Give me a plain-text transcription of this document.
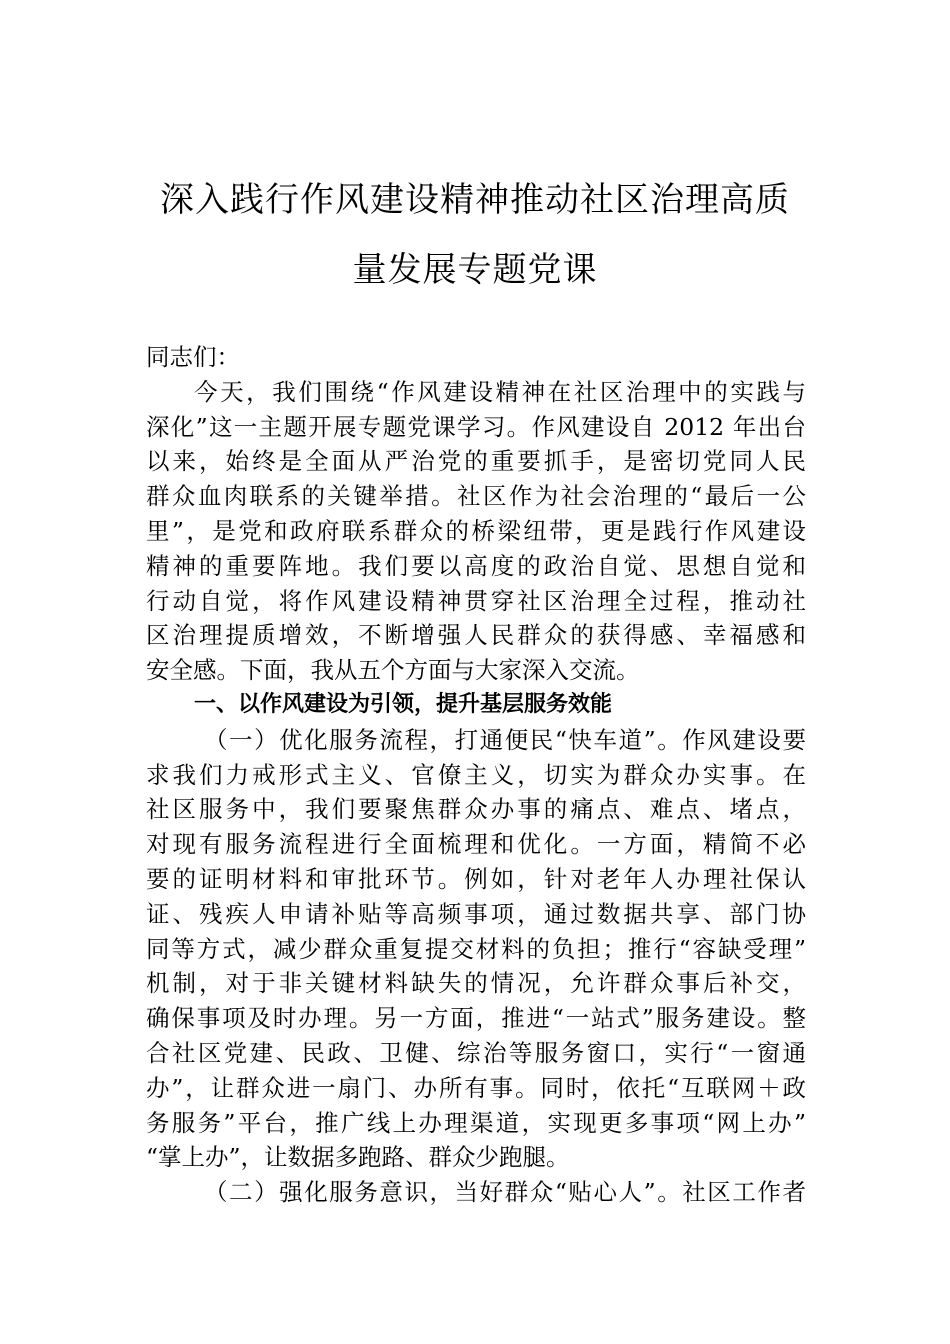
深入践行作风建设精神推动社区治理高质
量发展专题党课
同志们：
今天，我们围绕“作风建设精神在社区治理中的实践与
深化”这一主题开展专题党课学习。作风建设自 2012 年出台
以来，始终是全面从严治党的重要抓手，是密切党同人民
群众血肉联系的关键举措。社区作为社会治理的“最后一公
里”，是党和政府联系群众的桥梁纽带，更是践行作风建设
精神的重要阵地。我们要以高度的政治自觉、思想自觉和
行动自觉，将作风建设精神贯穿社区治理全过程，推动社
区治理提质增效，不断增强人民群众的获得感、幸福感和
安全感。下面，我从五个方面与大家深入交流。
一、以作风建设为引领，提升基层服务效能
（一）优化服务流程，打通便民“快车道”。作风建设要
求我们力戒形式主义、官僚主义，切实为群众办实事。在
社区服务中，我们要聚焦群众办事的痛点、难点、堵点，
对现有服务流程进行全面梳理和优化。一方面，精简不必
要的证明材料和审批环节。例如，针对老年人办理社保认
证、残疾人申请补贴等高频事项，通过数据共享、部门协
同等方式，减少群众重复提交材料的负担；推行“容缺受理”
机制，对于非关键材料缺失的情况，允许群众事后补交，
确保事项及时办理。另一方面，推进“一站式”服务建设。整
合社区党建、民政、卫健、综治等服务窗口，实行“一窗通
办”，让群众进一扇门、办所有事。同时，依托“互联网＋政
务服务”平台，推广线上办理渠道，实现更多事项“网上办”
“掌上办”，让数据多跑路、群众少跑腿。
（二）强化服务意识，当好群众“贴心人”。社区工作者
